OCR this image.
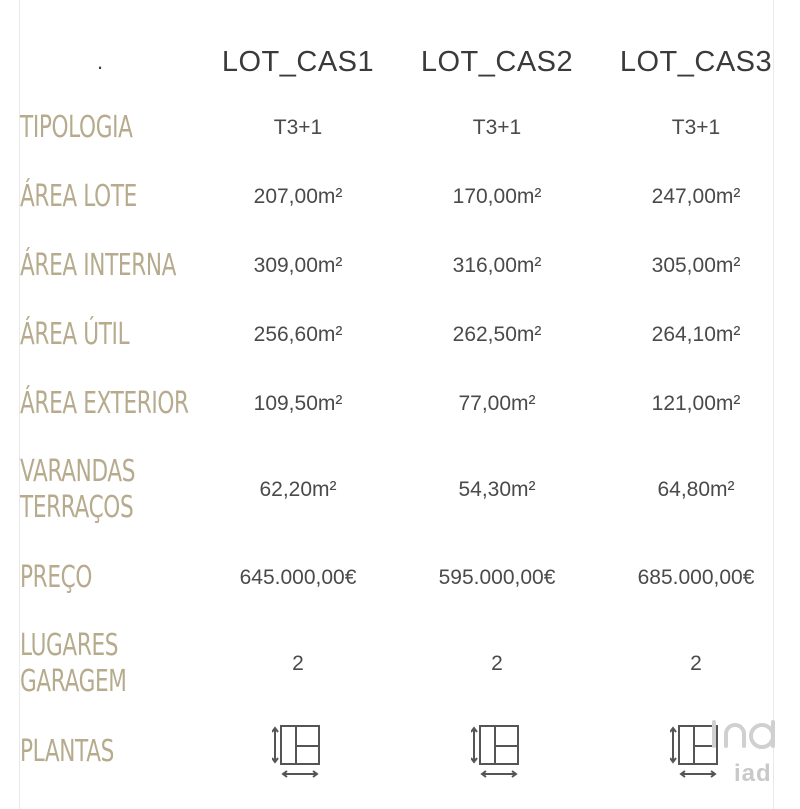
.	LOT_CAS1	LOT_CAS2	LOT_CAS3
TIPOLOGIA	T3+1	T3+1	T3+1
ÁREA LOTE	207,00m²	170,00m²	247,00m²
ÁREA INTERNA	309,00m²	316,00m²	305,00m²
ÁREA ÚTIL	256,60m²	262,50m²	264,10m²
ÁREA EXTERIOR	109,50m²	77,00m²	121,00m²
VARANDAS
TERRAÇOS
62,20m²	54,30m²	64,80m²
PREÇO	645.000,00€	595.000,00€	685.000,00€
LUGARES
GARAGEM
2	2	2
PLANTAS
iad
